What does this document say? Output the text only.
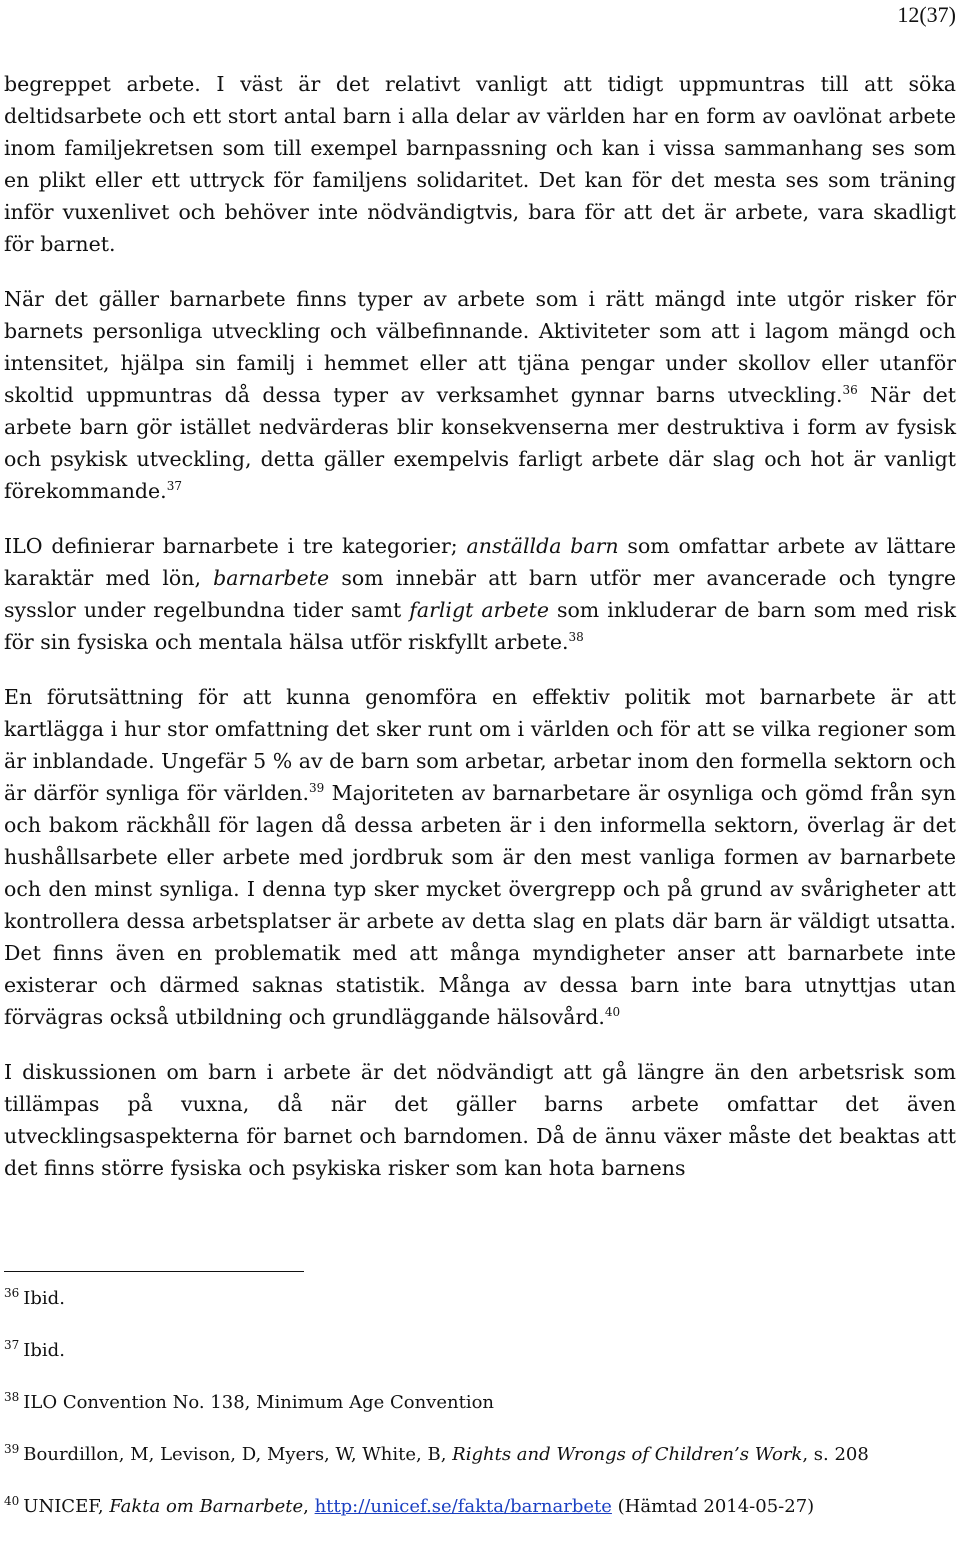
12(37)

begreppet arbete. I väst är det relativt vanligt att tidigt uppmuntras till att söka deltidsarbete och ett stort antal barn i alla delar av världen har en form av oavlönat arbete inom familjekretsen som till exempel barnpassning och kan i vissa sammanhang ses som en plikt eller ett uttryck för familjens solidaritet. Det kan för det mesta ses som träning inför vuxenlivet och behöver inte nödvändigtvis, bara för att det är arbete, vara skadligt för barnet.

När det gäller barnarbete finns typer av arbete som i rätt mängd inte utgör risker för barnets personliga utveckling och välbefinnande. Aktiviteter som att i lagom mängd och intensitet, hjälpa sin familj i hemmet eller att tjäna pengar under skollov eller utanför skoltid uppmuntras då dessa typer av verksamhet gynnar barns utveckling.$^{36}$ När det arbete barn gör istället nedvärderas blir konsekvenserna mer destruktiva i form av fysisk och psykisk utveckling, detta gäller exempelvis farligt arbete där slag och hot är vanligt förekommande.$^{37}$

ILO definierar barnarbete i tre kategorier; anställda barn som omfattar arbete av lättare karaktär med lön, barnarbete som innebär att barn utför mer avancerade och tyngre sysslor under regelbundna tider samt farligt arbete som inkluderar de barn som med risk för sin fysiska och mentala hälsa utför riskfyllt arbete.$^{38}$

En förutsättning för att kunna genomföra en effektiv politik mot barnarbete är att kartlägga i hur stor omfattning det sker runt om i världen och för att se vilka regioner som är inblandade. Ungefär 5 % av de barn som arbetar, arbetar inom den formella sektorn och är därför synliga för världen.$^{39}$ Majoriteten av barnarbetare är osynliga och gömd från syn och bakom räckhåll för lagen då dessa arbeten är i den informella sektorn, överlag är det hushållsarbete eller arbete med jordbruk som är den mest vanliga formen av barnarbete och den minst synliga. I denna typ sker mycket övergrepp och på grund av svårigheter att kontrollera dessa arbetsplatser är arbete av detta slag en plats där barn är väldigt utsatta. Det finns även en problematik med att många myndigheter anser att barnarbete inte existerar och därmed saknas statistik. Många av dessa barn inte bara utnyttjas utan förvägras också utbildning och grundläggande hälsovård.$^{40}$

I diskussionen om barn i arbete är det nödvändigt att gå längre än den arbetsrisk som tillämpas på vuxna, då när det gäller barns arbete omfattar det även utvecklingsaspekterna för barnet och barndomen. Då de ännu växer måste det beaktas att det finns större fysiska och psykiska risker som kan hota barnens

$^{36}$ Ibid.
$^{37}$ Ibid.
$^{38}$ ILO Convention No. 138, Minimum Age Convention
$^{39}$ Bourdillon, M, Levison, D, Myers, W, White, B, Rights and Wrongs of Children’s Work, s. 208
$^{40}$ UNICEF, Fakta om Barnarbete, http://unicef.se/fakta/barnarbete (Hämtad 2014-05-27)
